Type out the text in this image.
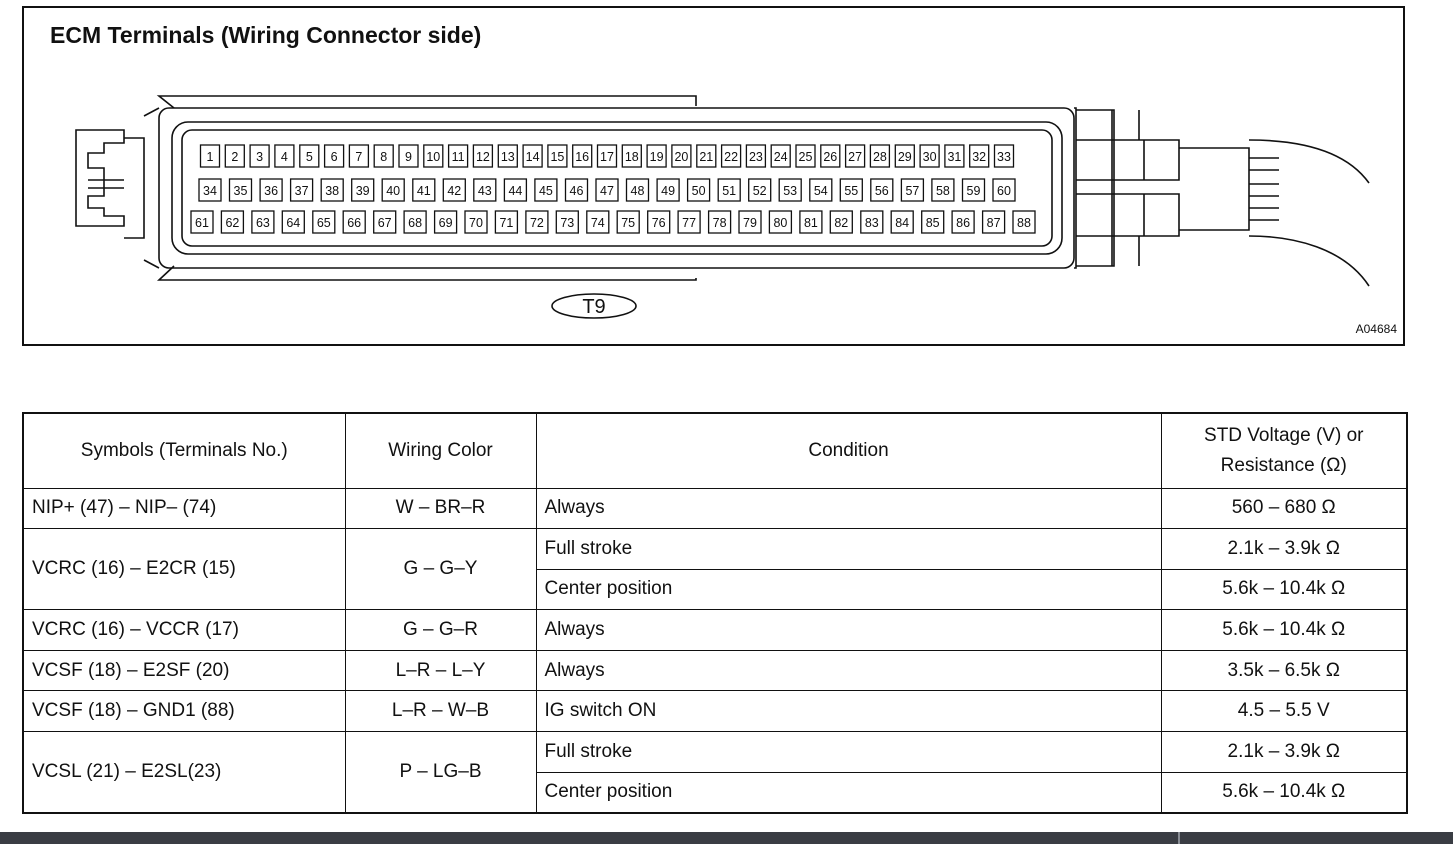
ECM Terminals (Wiring Connector side)
1 2 3 4 5 6 7 8 9 10 11 12 13 14 15 16 17 18 19 20 21 22 23 24 25 26 27 28 29 30 31 32 33
34 35 36 37 38 39 40 41 42 43 44 45 46 47 48 49 50 51 52 53 54 55 56 57 58 59 60
61 62 63 64 65 66 67 68 69 70 71 72 73 74 75 76 77 78 79 80 81 82 83 84 85 86 87 88
T9
A04684
Symbols (Terminals No.)	Wiring Color	Condition	STD Voltage (V) or
Resistance (Ω)
NIP+ (47) – NIP– (74)	W – BR–R	Always	560 – 680 Ω
VCRC (16) – E2CR (15)	G – G–Y	Full stroke	2.1k – 3.9k Ω
		Center position	5.6k – 10.4k Ω
VCRC (16) – VCCR (17)	G – G–R	Always	5.6k – 10.4k Ω
VCSF (18) – E2SF (20)	L–R – L–Y	Always	3.5k – 6.5k Ω
VCSF (18) – GND1 (88)	L–R – W–B	IG switch ON	4.5 – 5.5 V
VCSL (21) – E2SL(23)	P – LG–B	Full stroke	2.1k – 3.9k Ω
		Center position	5.6k – 10.4k Ω
